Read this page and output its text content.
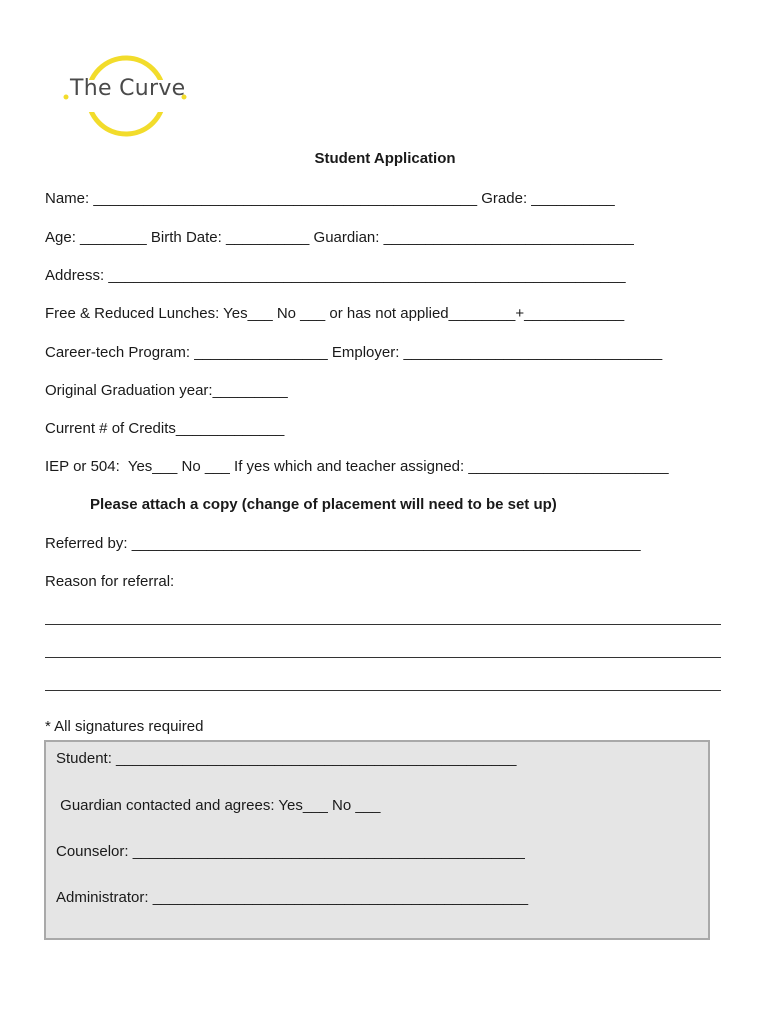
The Curve
Student Application
Name: ______________________________________________ Grade: __________
Age: ________ Birth Date: __________ Guardian: ______________________________
Address: ______________________________________________________________
Free & Reduced Lunches: Yes___ No ___ or has not applied________+____________
Career-tech Program: ________________ Employer: _______________________________
Original Graduation year:_________
Current # of Credits_____________
IEP or 504:  Yes___ No ___ If yes which and teacher assigned: ________________________
Please attach a copy (change of placement will need to be set up)
Referred by: _____________________________________________________________
Reason for referral:
* All signatures required
Student: ________________________________________________
Guardian contacted and agrees: Yes___ No ___
Counselor: _______________________________________________
Administrator: _____________________________________________
